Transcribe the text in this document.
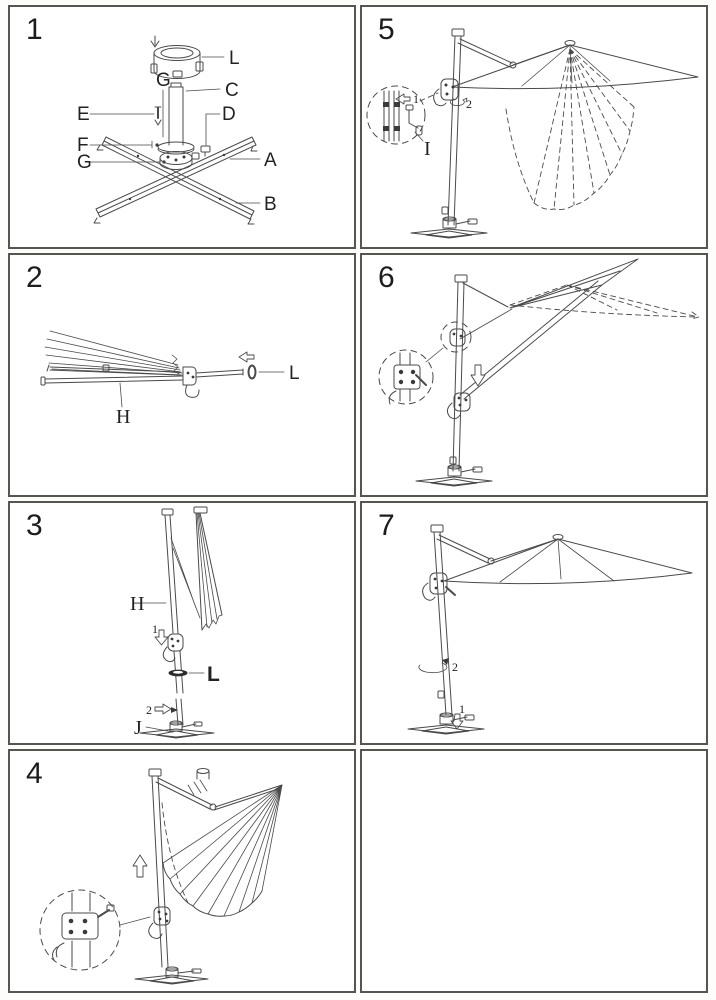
1
L
C
G
E	D
F
G	A
B
5
1	2
I
2
L
H
6
3
H
1
L
2
J
7
2
1
4
